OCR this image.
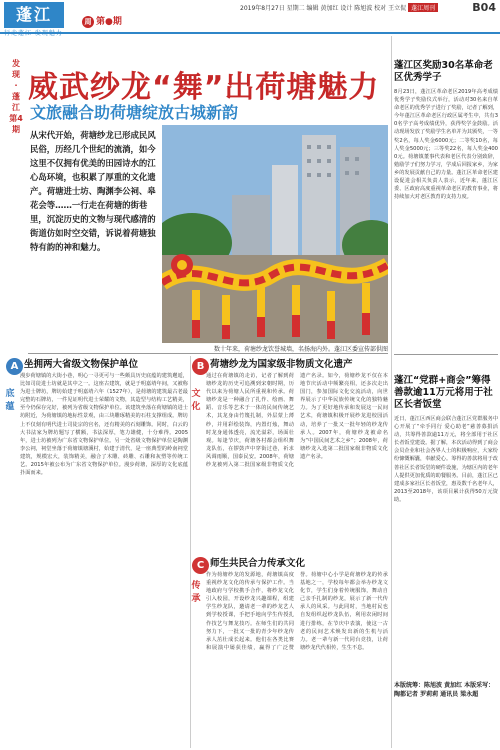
蓬江	周 第●期
2019年8月27日 星期二 编辑 黄加红 设计 陈旭波 校对 王立侃 蓬江周刊	B04
发
现
·
蓬
江
第4期
威武纱龙“舞”出荷塘魅力
文旅融合助荷塘绽放古城新韵

从宋代开始，荷塘纱龙已形成民风民俗，历经几个世纪的流淌，如今这里不仅拥有优美的田园诗水的江心岛环境，也积累了厚重的文化遗产。荷塘进士坊、陶渊李公祠、皋花会等……一行走在荷塘的街巷里，沉淀历史的文物与现代感清的街道仿如时空交错，诉说着荷塘独特有韵的神和魅力。

数十年来，荷塘纱龙饮誉城墙，名扬海内外。蓬江区委宣传部供图
A 坐拥两大省级文物保护单位
底
蕴
漫步荷塘镇的大街小巷，明心一寻更可与一些颇具历史底蕴的建筑邂逅，比如司徒进士坊就是其中之一。这座古建筑，就是于明嘉靖年间，又被称为进士牌坊，牌坊始建于明嘉靖六年（1527年），是荷塘的建筑最古老最完整的石牌坊，一件见证明代进士荣耀的文物，其造型与结构工艺精美，至今仍保存完好，被列为省级文物保护单位。该建筑坐落在荷塘镇的进士坊附近，为荷塘镇的地标性景观，由三块雕琢精美的石柱支撑组成。牌坊上不仅刻有明代进士司徒宗的官名，还有精美的石刻雕饰。同时，白云的大书法家为牌坊题写了横额，书法深厚，笔力雄健，十分难得。2005年，进士坊被列为广东省文物保护单位。另一处省级文物保护单位是陶渊李公祠，祠堂坐落于荷塘镇塘溪村，始建于清代，是一座典型的岭南祠堂建筑，规模宏大，装饰精美，融合了木雕、砖雕、石雕和灰塑等传统工艺。2015年被公布为广东省文物保护单位。漫步荷塘，深厚的文化底蕴扑面而来。
B 荷塘纱龙为国家级非物质文化遗产
文
化
通过在荷塘镇的走访，记者了解到荷塘纱龙的历史可追溯到宋朝时期，历代以来为荷塘人民所重视和传承。荷塘纱龙是一种融合了扎作、绘画、舞蹈、音乐等艺术于一体的民间传统艺术，其龙身由竹篾扎制，外层蒙上薄纱，并用彩绘装饰，内置灯烛，舞动时龙身通体透亮，流光溢彩，场面壮观。每逢节庆，荷塘各村都会组织舞龙队伍，在锣鼓声中穿街过巷，祈求风调雨顺，国泰民安。2008年，荷塘纱龙被列入第二批国家级非物质文化遗产名录。如今，荷塘纱龙不仅在本地节庆活动中频繁亮相，还多次走出国门，参加国际文化交流活动，向世界展示了中华民族传统文化的独特魅力。为了更好地传承和发展这一民间艺术，荷塘镇积极开展纱龙进校园活动，培养了一批又一批年轻的纱龙传承人。2007年，荷塘纱龙被命名为“中国民间艺术之乡”；2008年，荷塘纱龙入选第二批国家级非物质文化遗产名录。
C 师生共民合力传承文化
传
承
作为荷塘纱龙的发源地，荷塘镇高度重视纱龙文化的传承与保护工作。当地政府与学校携手合作，将纱龙文化引入校园，开设纱龙兴趣课程，组建学生纱龙队，邀请老一辈的纱龙艺人到学校授课，手把手地向学生传授扎作技艺与舞龙技巧。在师生们的共同努力下，一批又一批的青少年纱龙传承人茁壮成长起来。他们在各类比赛和展演中屡获佳绩，赢得了广泛赞誉。荷塘中心小学是荷塘纱龙的传承基地之一，学校每年都会举办纱龙文化节，学生们身着传统服饰，舞动自己亲手扎制的纱龙，展示了新一代传承人的风采。与此同时，当地村民也自发组织起纱龙队伍，利用农闲时间进行排练，在节庆中表演，使这一古老的民间艺术焕发出新的生机与活力。老一辈与新一代同台竞技，让荷塘纱龙代代相传，生生不息。
蓬江区奖励30名革命老区优秀学子
8月23日，蓬江区革命老区2019年高考成绩优秀学子奖励仪式举行，活动对30名来自革命老区的优秀学子进行了奖励，记者了解到，今年蓬江区革命老区行政区属考生中，共有30名学子高考成绩优异，获得奖学金鼓励。活动现场发放了奖励学生名单并为其颁奖，一等奖2名，每人奖金6000元；二等奖10名，每人奖金5000元；三等奖22名，每人奖金4000元。荷塘镇董事代表和老区代表分别致辞，勉励学子们努力学习，学成后回报家乡，为家乡的发展贡献自己的力量。蓬江区革命老区建设促进会相关负责人表示，近年来，蓬江区委、区政府高度重视革命老区的教育事业，将持续加大对老区教育的支持力度。
蓬江“党群+商会”筹得善款逾11万元将用于社区长者饭堂
近日，蓬江区西区商会联合蓬江区党群服务中心开展了“牵手同行 爱心助老”慈善募捐活动，共筹得善款逾11万元，将全部用于社区长者饭堂建设。据了解，本次活动得到了商会会员企业和社会各界人士的积极响应，大家纷纷慷慨解囊，奉献爱心。筹得的善款将用于改善社区长者饭堂的硬件设施，为辖区内的老年人提供更加优质的助餐服务。目前，蓬江区已建成多家社区长者饭堂，惠及数千名老年人，2013至2018年，该项目累计获得50万元资助。
本版统筹：陈旭波 黄加红 本版采写：陶都记者 罗莉莉 通讯员 梁永超
